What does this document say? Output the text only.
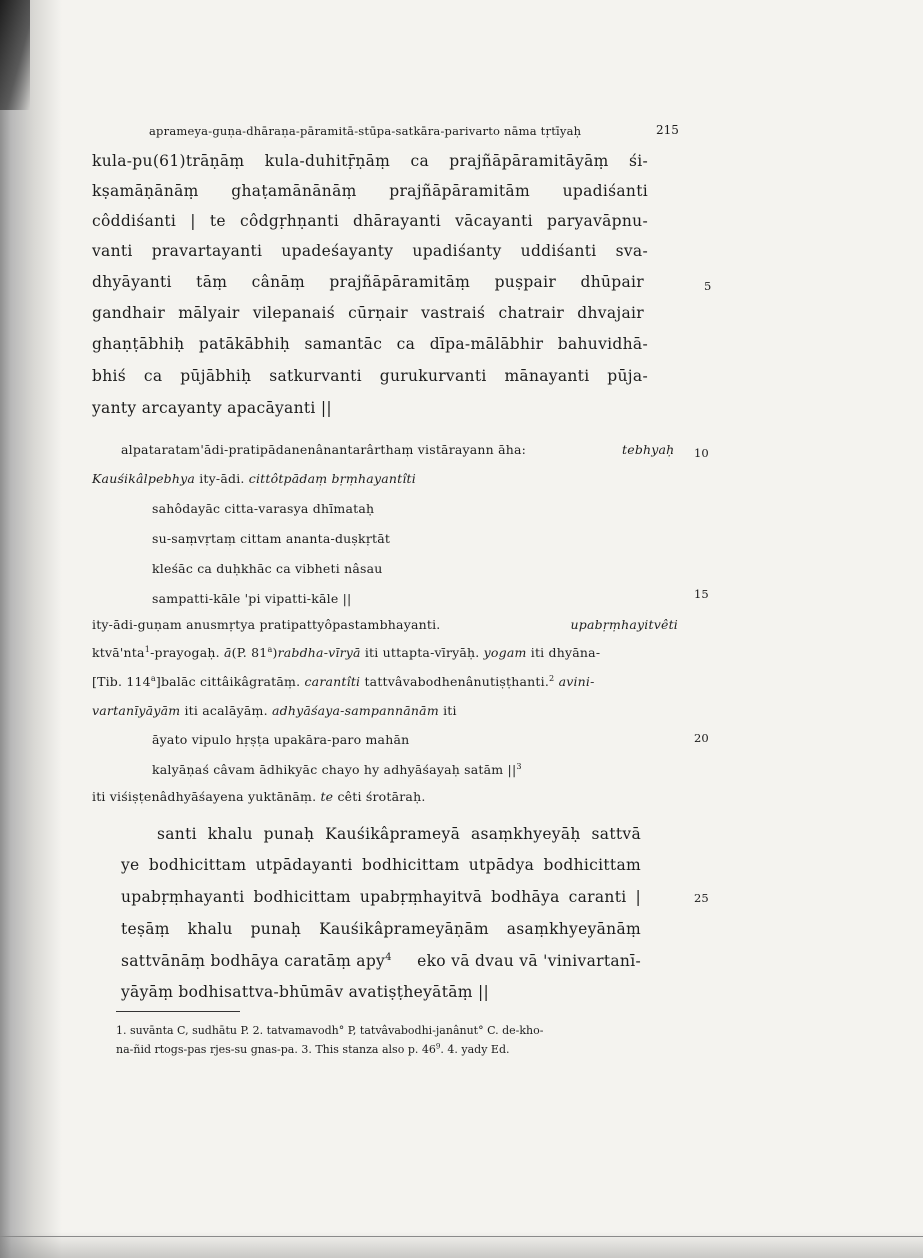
aprameya-guṇa-dhāraṇa-pāramitā-stūpa-satkāra-parivarto nāma tṛtīyaḥ	215
kula-pu(61)trāṇāṃ kula-duhitṝṇāṃ ca prajñāpāramitāyāṃ śi-
kṣamāṇānāṃ ghaṭamānānāṃ prajñāpāramitām upadiśanti
côddiśanti | te côdgṛhṇanti dhārayanti vācayanti paryavāpnu-
vanti pravartayanti upadeśayanty upadiśanty uddiśanti sva-
dhyāyanti tāṃ cânāṃ prajñāpāramitāṃ puṣpair dhūpair
gandhair mālyair vilepanaiś cūrṇair vastraiś chatrair dhvajair
ghaṇṭābhiḥ patākābhiḥ samantāc ca dīpa-mālābhir bahuvidhā-
bhiś ca pūjābhiḥ satkurvanti gurukurvanti mānayanti pūja-
yanty arcayanty apacāyanti ||
alpataratam'ādi-pratipādanenânantarârthaṃ vistārayann āha:	tebhyaḥ
Kauśikâlpebhya ity-ādi. cittôtpādaṃ bṛṃhayantîti
sahôdayāc citta-varasya dhīmataḥ
su-saṃvṛtaṃ cittam ananta-duṣkṛtāt
kleśāc ca duḥkhāc ca vibheti nâsau
sampatti-kāle 'pi vipatti-kāle ||
ity-ādi-guṇam anusmṛtya pratipattyôpastambhayanti.	upabṛṃhayitvêti
ktvā'nta$^1$-prayogaḥ. ā(P. 81$^a$)rabdha-vīryā iti uttapta-vīryāḥ. yogam iti dhyāna-
[Tib. 114$^a$]balāc cittâikâgratāṃ. carantîti tattvâvabodhenânutiṣṭhanti.$^2$ avini-
vartanīyāyām iti acalāyāṃ. adhyāśaya-sampannānām iti
āyato vipulo hṛṣṭa upakāra-paro mahān
kalyāṇaś câvam ādhikyāc chayo hy adhyāśayaḥ satām $||^3$
iti viśiṣṭenâdhyāśayena yuktānāṃ. te cêti śrotāraḥ.
santi khalu punaḥ Kauśikâprameyā asaṃkhyeyāḥ sattvā
ye bodhicittam utpādayanti bodhicittam utpādya bodhicittam
upabṛṃhayanti bodhicittam upabṛṃhayitvā bodhāya caranti |
teṣāṃ khalu punaḥ Kauśikâprameyāṇām asaṃkhyeyānāṃ
sattvānāṃ bodhāya caratāṃ apy$^4$ eko vā dvau vā 'vinivartanī-
yāyāṃ bodhisattva-bhūmāv avatiṣṭheyātāṃ ||
1. suvānta C, sudhātu P. 2. tatvamavodh° P, tatvâvabodhi-janânut° C. de-kho-
na-ñid rtogs-pas rjes-su gnas-pa. 3. This stanza also p. $46^9$. 4. yady Ed.
5
10
15
20
25
